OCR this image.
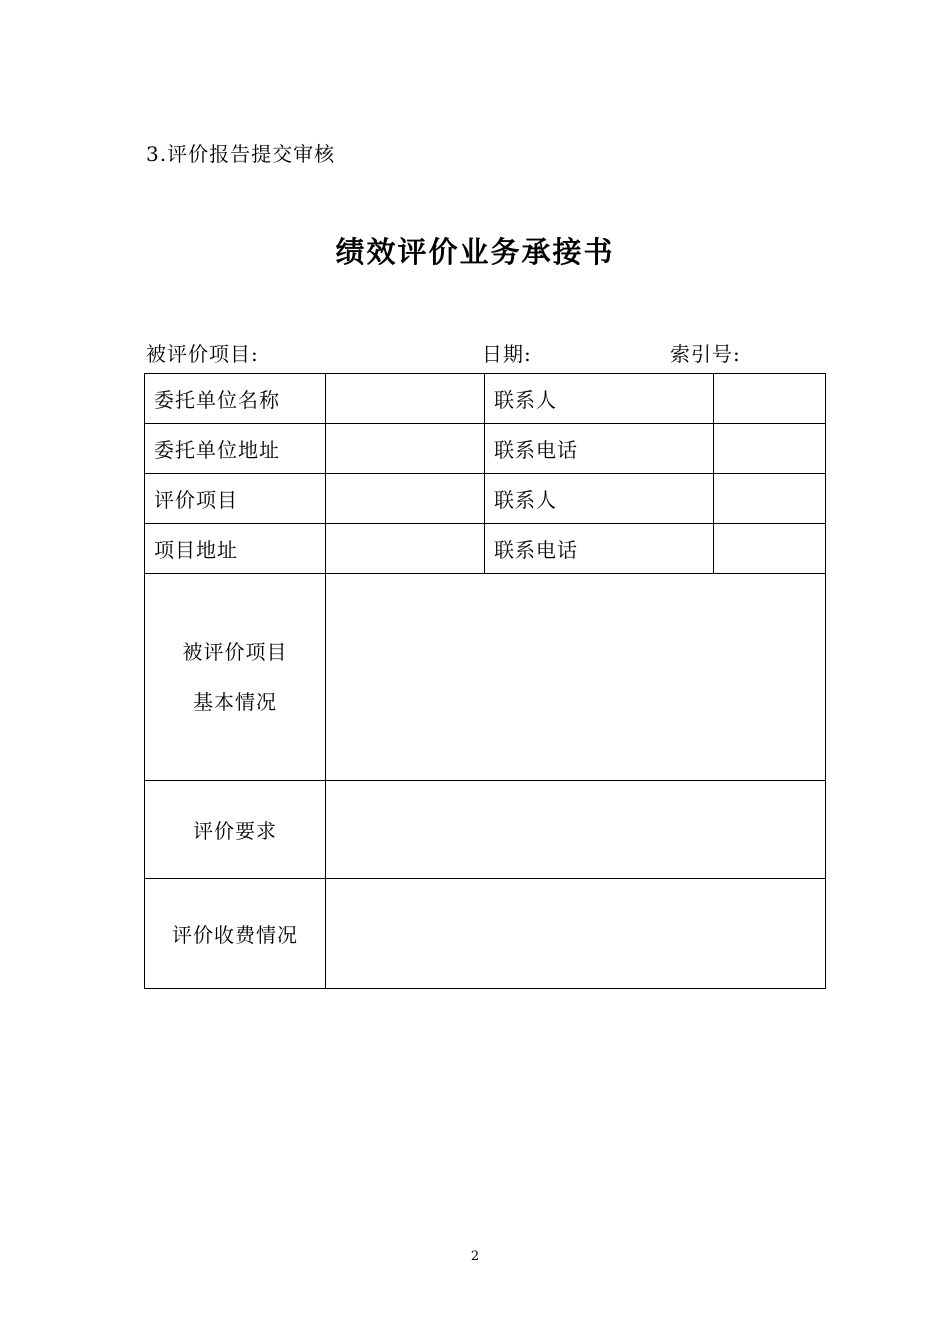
3.评价报告提交审核
绩效评价业务承接书
被评价项目:	日期:	索引号:
委托单位名称		联系人	
委托单位地址		联系电话	
评价项目		联系人	
项目地址		联系电话	

被评价项目
基本情况			

评价要求			
评价收费情况			
2
